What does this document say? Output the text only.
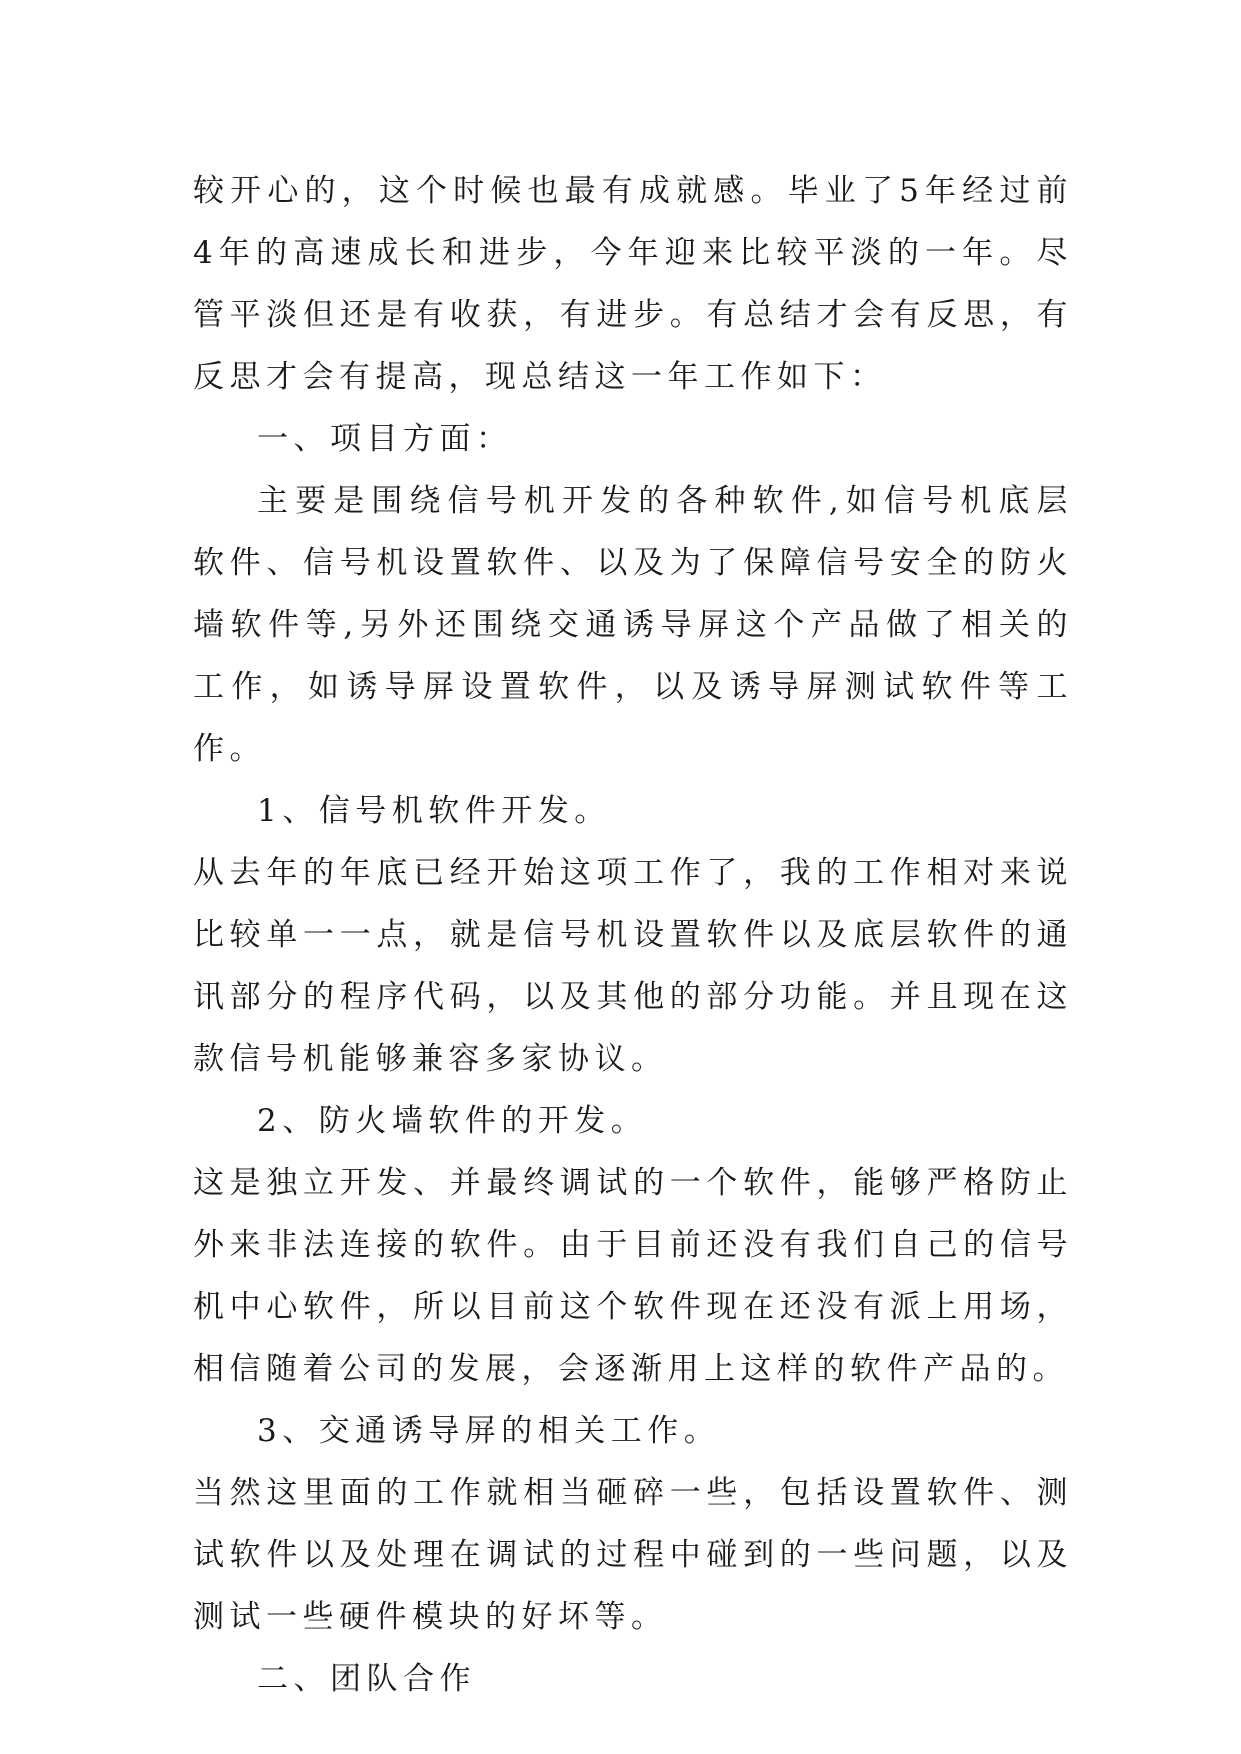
较开心的，这个时候也最有成就感。毕业了5年经过前4年的高速成长和进步，今年迎来比较平淡的一年。尽管平淡但还是有收获，有进步。有总结才会有反思，有反思才会有提高，现总结这一年工作如下：

一、项目方面：

主要是围绕信号机开发的各种软件,如信号机底层软件、信号机设置软件、以及为了保障信号安全的防火墙软件等,另外还围绕交通诱导屏这个产品做了相关的工作，如诱导屏设置软件，以及诱导屏测试软件等工作。

1、信号机软件开发。

从去年的年底已经开始这项工作了，我的工作相对来说比较单一一点，就是信号机设置软件以及底层软件的通讯部分的程序代码，以及其他的部分功能。并且现在这款信号机能够兼容多家协议。

2、防火墙软件的开发。

这是独立开发、并最终调试的一个软件，能够严格防止外来非法连接的软件。由于目前还没有我们自己的信号机中心软件，所以目前这个软件现在还没有派上用场，相信随着公司的发展，会逐渐用上这样的软件产品的。

3、交通诱导屏的相关工作。

当然这里面的工作就相当砸碎一些，包括设置软件、测试软件以及处理在调试的过程中碰到的一些问题，以及测试一些硬件模块的好坏等。

二、团队合作
